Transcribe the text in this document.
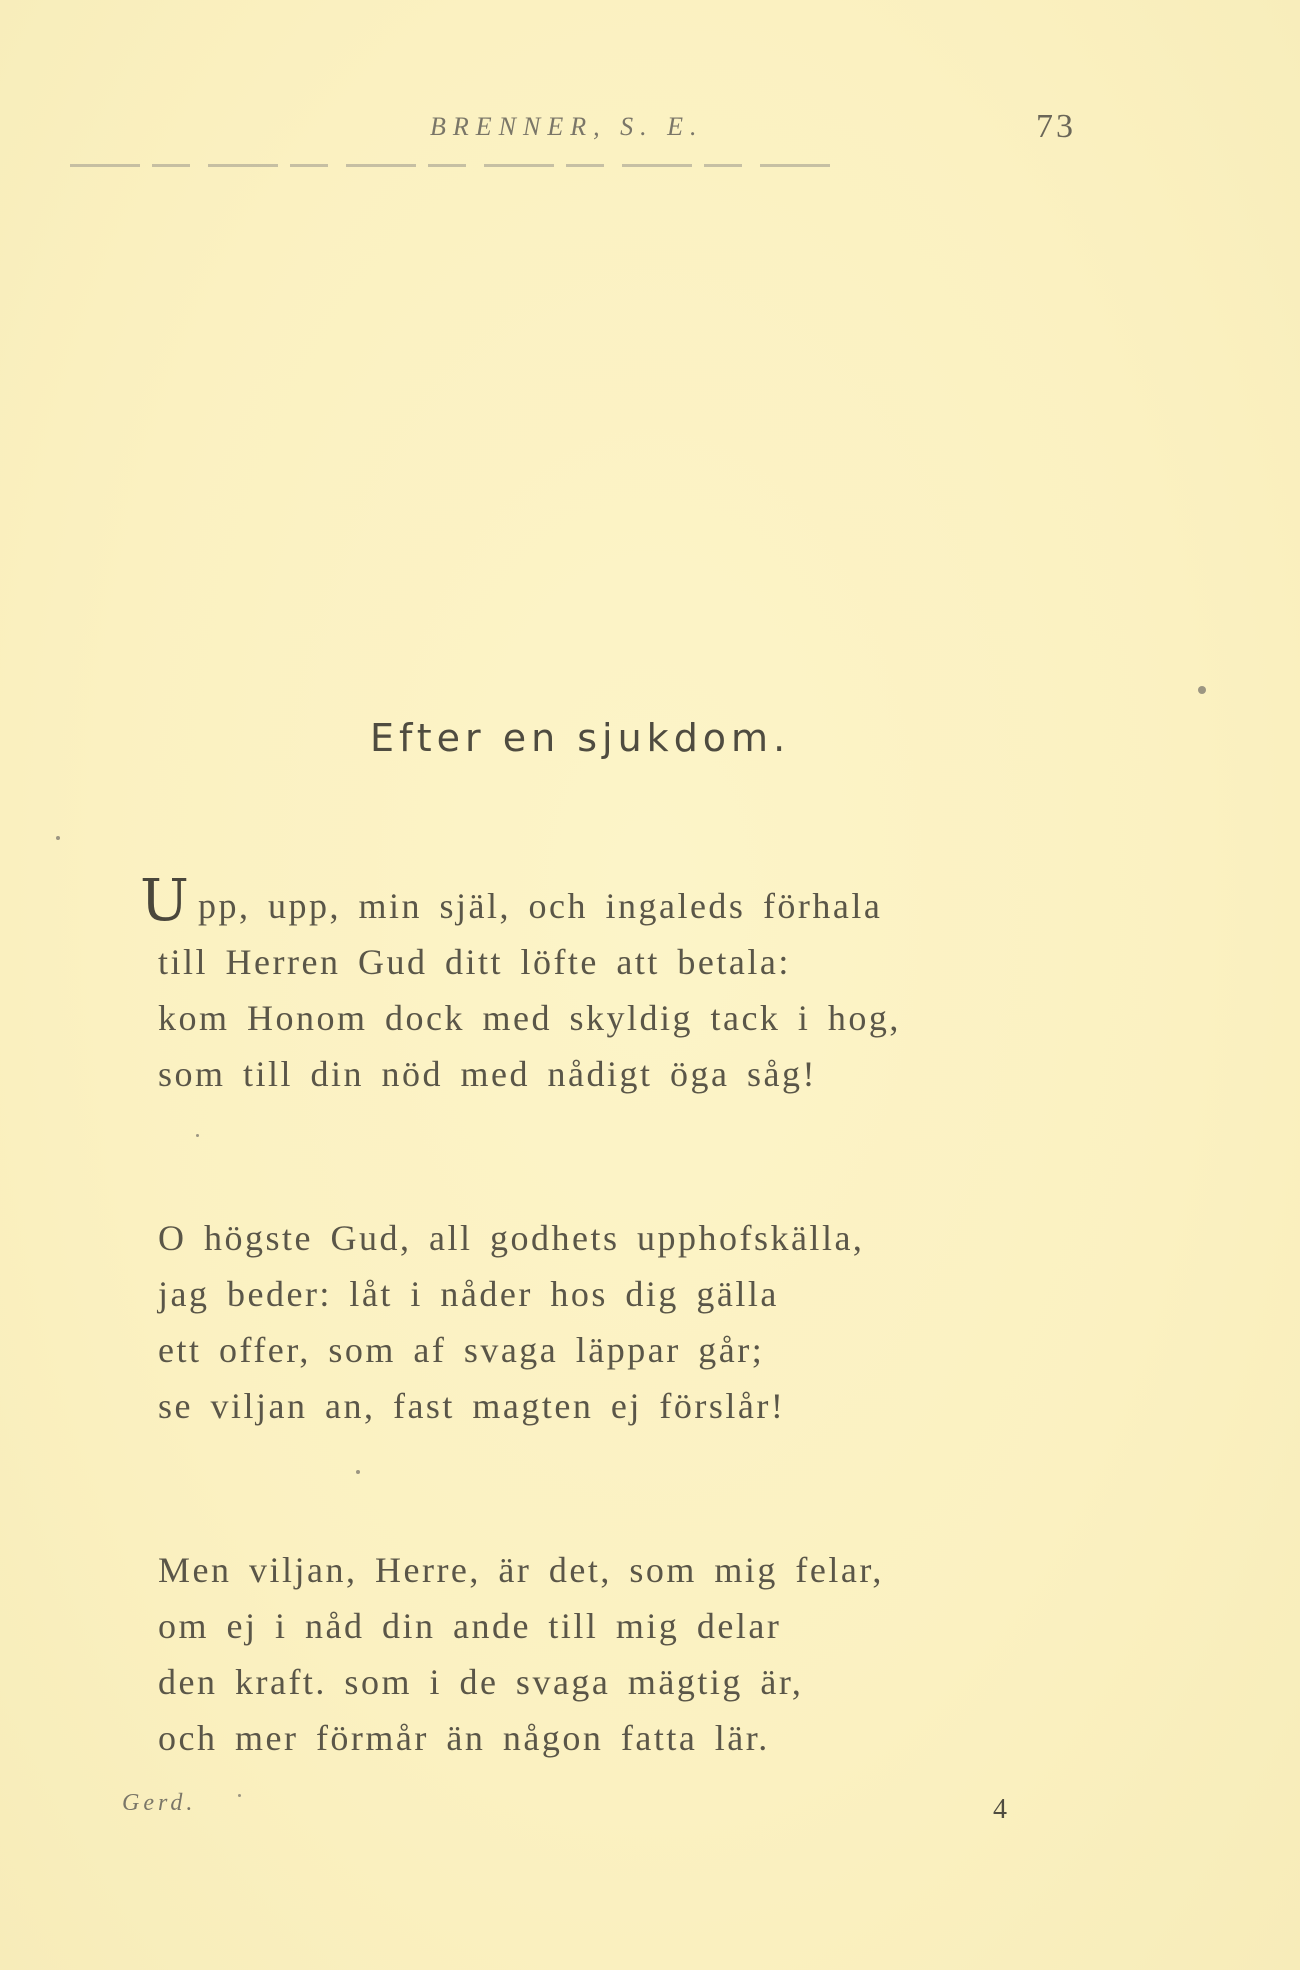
BRENNER, S. E.	73
Efter en sjukdom.
Upp, upp, min själ, och ingaleds förhala
till Herren Gud ditt löfte att betala:
kom Honom dock med skyldig tack i hog,
som till din nöd med nådigt öga såg!
O högste Gud, all godhets upphofskälla,
jag beder: låt i nåder hos dig gälla
ett offer, som af svaga läppar går;
se viljan an, fast magten ej förslår!
Men viljan, Herre, är det, som mig felar,
om ej i nåd din ande till mig delar
den kraft. som i de svaga mägtig är,
och mer förmår än någon fatta lär.
Gerd.	4
